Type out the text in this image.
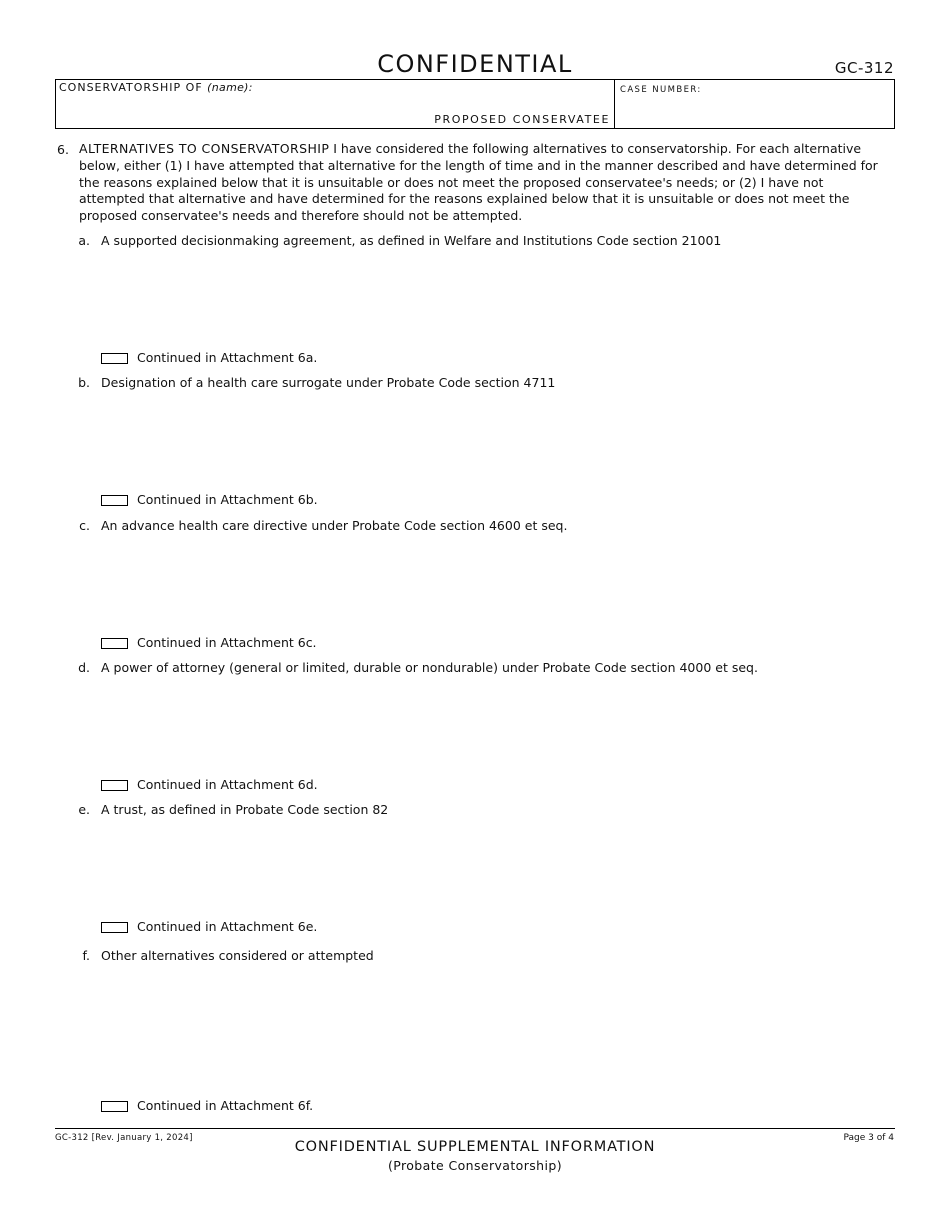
CONFIDENTIAL	GC-312
CONSERVATORSHIP OF (name):
PROPOSED CONSERVATEE
CASE NUMBER:
6. ALTERNATIVES TO CONSERVATORSHIP I have considered the following alternatives to conservatorship. For each alternative below, either (1) I have attempted that alternative for the length of time and in the manner described and have determined for the reasons explained below that it is unsuitable or does not meet the proposed conservatee's needs; or (2) I have not attempted that alternative and have determined for the reasons explained below that it is unsuitable or does not meet the proposed conservatee's needs and therefore should not be attempted.
a. A supported decisionmaking agreement, as defined in Welfare and Institutions Code section 21001
Continued in Attachment 6a.
b. Designation of a health care surrogate under Probate Code section 4711
Continued in Attachment 6b.
c. An advance health care directive under Probate Code section 4600 et seq.
Continued in Attachment 6c.
d. A power of attorney (general or limited, durable or nondurable) under Probate Code section 4000 et seq.
Continued in Attachment 6d.
e. A trust, as defined in Probate Code section 82
Continued in Attachment 6e.
f. Other alternatives considered or attempted
Continued in Attachment 6f.
GC-312 [Rev. January 1, 2024]	Page 3 of 4
CONFIDENTIAL SUPPLEMENTAL INFORMATION
(Probate Conservatorship)
